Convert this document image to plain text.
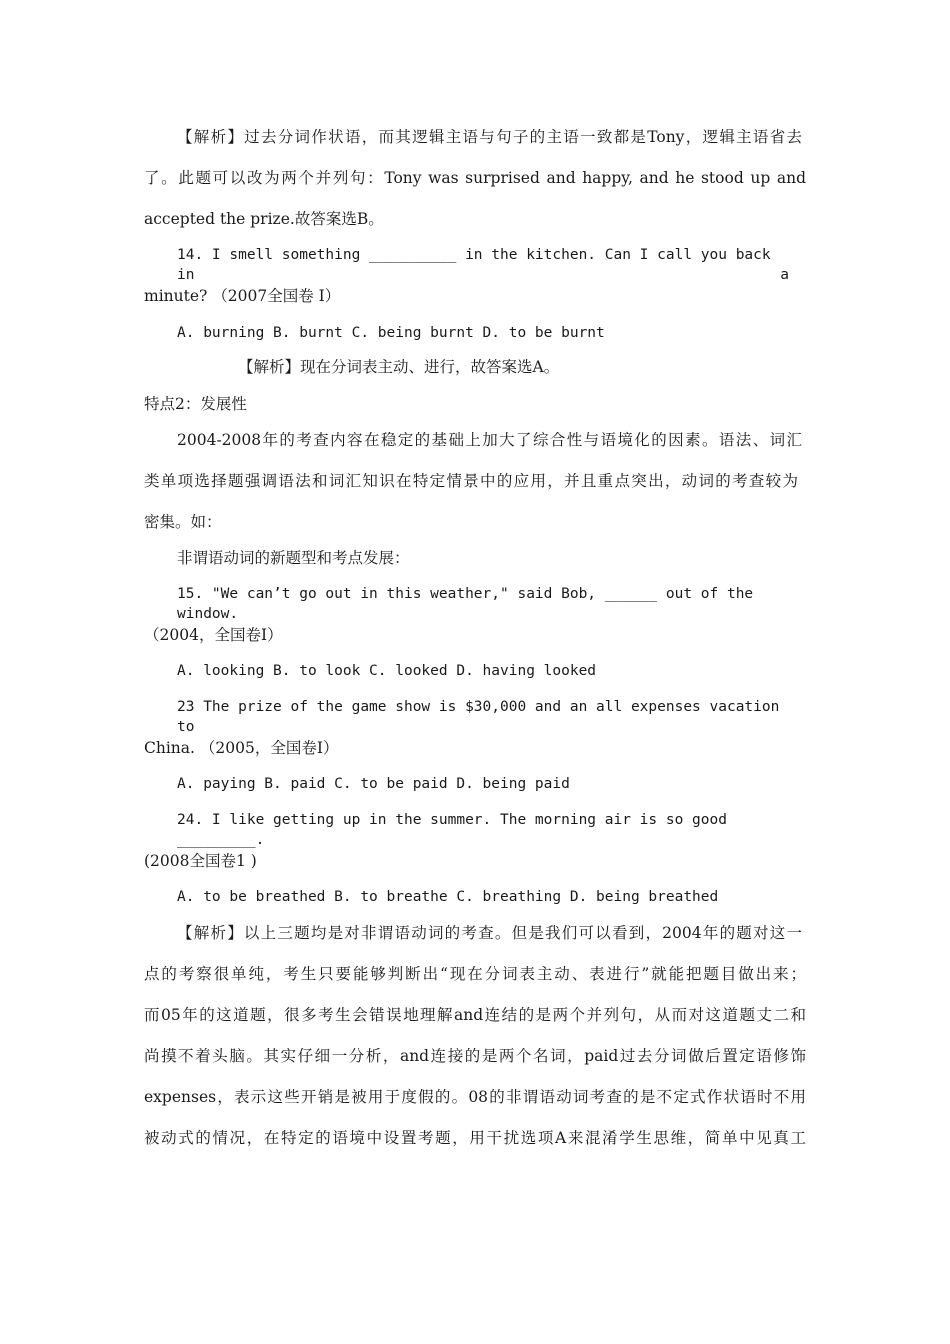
【解析】过去分词作状语，而其逻辑主语与句子的主语一致都是Tony，逻辑主语省去
了。此题可以改为两个并列句：Tony was surprised and happy, and he stood up and
accepted the prize.故答案选B。
14. I smell something __________ in the kitchen. Can I call you back in a
minute? （2007全国卷 I）
A. burning B. burnt C. being burnt D. to be burnt
【解析】现在分词表主动、进行，故答案选A。
特点2：发展性
2004-2008年的考查内容在稳定的基础上加大了综合性与语境化的因素。语法、词汇
类单项选择题强调语法和词汇知识在特定情景中的应用，并且重点突出，动词的考查较为
密集。如：
非谓语动词的新题型和考点发展：
15. "We can’t go out in this weather," said Bob, ______ out of the window.
（2004，全国卷Ⅰ）
A. looking B. to look C. looked D. having looked
23 The prize of the game show is $30,000 and an all expenses vacation to
China. （2005，全国卷Ⅰ）
A. paying B. paid C. to be paid D. being paid
24. I like getting up in the summer. The morning air is so good _________.
(2008全国卷1 )
A. to be breathed B. to breathe C. breathing D. being breathed
【解析】以上三题均是对非谓语动词的考查。但是我们可以看到，2004年的题对这一
点的考察很单纯，考生只要能够判断出“现在分词表主动、表进行”就能把题目做出来；
而05年的这道题，很多考生会错误地理解and连结的是两个并列句，从而对这道题丈二和
尚摸不着头脑。其实仔细一分析，and连接的是两个名词，paid过去分词做后置定语修饰
expenses，表示这些开销是被用于度假的。08的非谓语动词考查的是不定式作状语时不用
被动式的情况，在特定的语境中设置考题，用干扰选项A来混淆学生思维，简单中见真工
